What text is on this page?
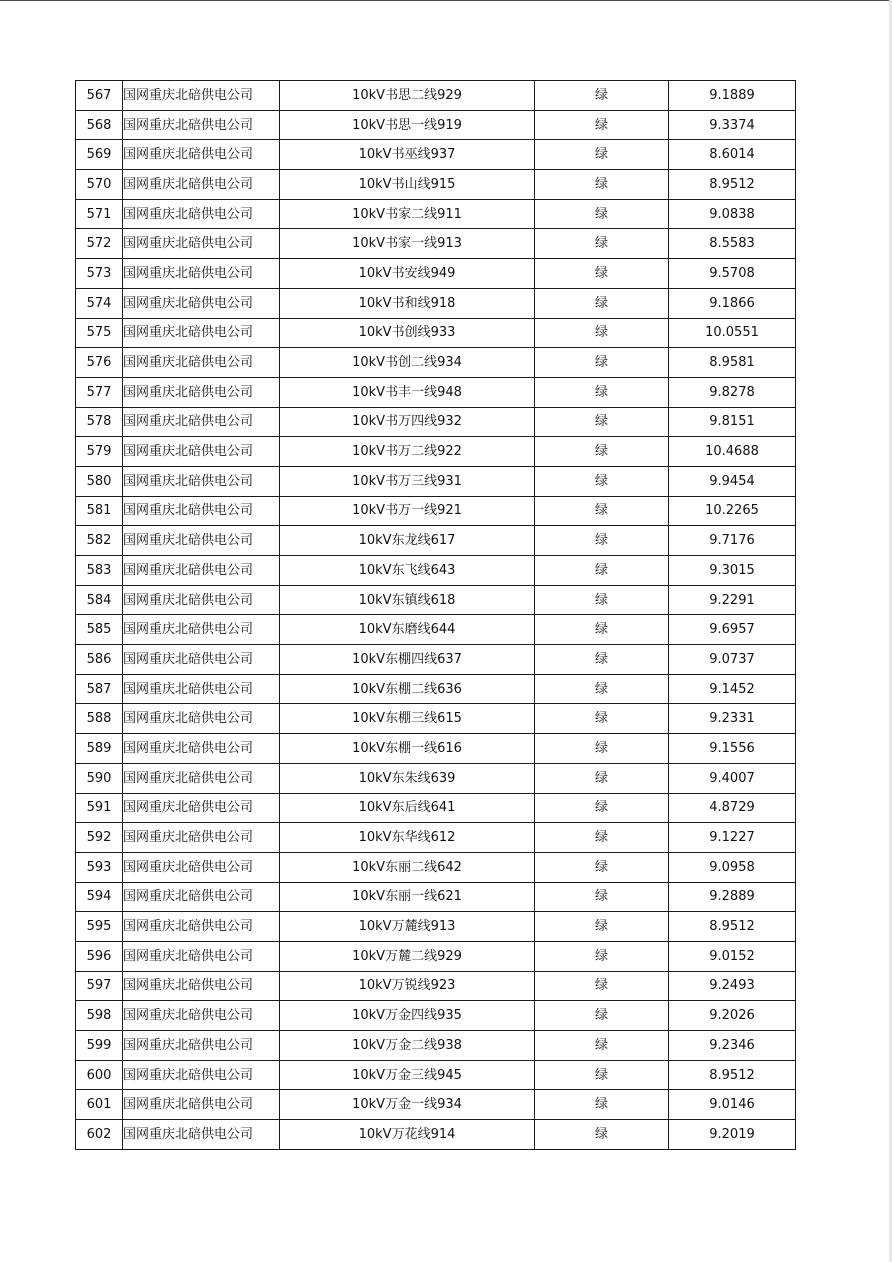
567	国网重庆北碚供电公司	10kV书思二线929	绿	9.1889
568	国网重庆北碚供电公司	10kV书思一线919	绿	9.3374
569	国网重庆北碚供电公司	10kV书巫线937	绿	8.6014
570	国网重庆北碚供电公司	10kV书山线915	绿	8.9512
571	国网重庆北碚供电公司	10kV书家二线911	绿	9.0838
572	国网重庆北碚供电公司	10kV书家一线913	绿	8.5583
573	国网重庆北碚供电公司	10kV书安线949	绿	9.5708
574	国网重庆北碚供电公司	10kV书和线918	绿	9.1866
575	国网重庆北碚供电公司	10kV书创线933	绿	10.0551
576	国网重庆北碚供电公司	10kV书创二线934	绿	8.9581
577	国网重庆北碚供电公司	10kV书丰一线948	绿	9.8278
578	国网重庆北碚供电公司	10kV书万四线932	绿	9.8151
579	国网重庆北碚供电公司	10kV书万二线922	绿	10.4688
580	国网重庆北碚供电公司	10kV书万三线931	绿	9.9454
581	国网重庆北碚供电公司	10kV书万一线921	绿	10.2265
582	国网重庆北碚供电公司	10kV东龙线617	绿	9.7176
583	国网重庆北碚供电公司	10kV东飞线643	绿	9.3015
584	国网重庆北碚供电公司	10kV东镇线618	绿	9.2291
585	国网重庆北碚供电公司	10kV东磨线644	绿	9.6957
586	国网重庆北碚供电公司	10kV东棚四线637	绿	9.0737
587	国网重庆北碚供电公司	10kV东棚二线636	绿	9.1452
588	国网重庆北碚供电公司	10kV东棚三线615	绿	9.2331
589	国网重庆北碚供电公司	10kV东棚一线616	绿	9.1556
590	国网重庆北碚供电公司	10kV东朱线639	绿	9.4007
591	国网重庆北碚供电公司	10kV东后线641	绿	4.8729
592	国网重庆北碚供电公司	10kV东华线612	绿	9.1227
593	国网重庆北碚供电公司	10kV东丽二线642	绿	9.0958
594	国网重庆北碚供电公司	10kV东丽一线621	绿	9.2889
595	国网重庆北碚供电公司	10kV万麓线913	绿	8.9512
596	国网重庆北碚供电公司	10kV万麓二线929	绿	9.0152
597	国网重庆北碚供电公司	10kV万锐线923	绿	9.2493
598	国网重庆北碚供电公司	10kV万金四线935	绿	9.2026
599	国网重庆北碚供电公司	10kV万金二线938	绿	9.2346
600	国网重庆北碚供电公司	10kV万金三线945	绿	8.9512
601	国网重庆北碚供电公司	10kV万金一线934	绿	9.0146
602	国网重庆北碚供电公司	10kV万花线914	绿	9.2019
